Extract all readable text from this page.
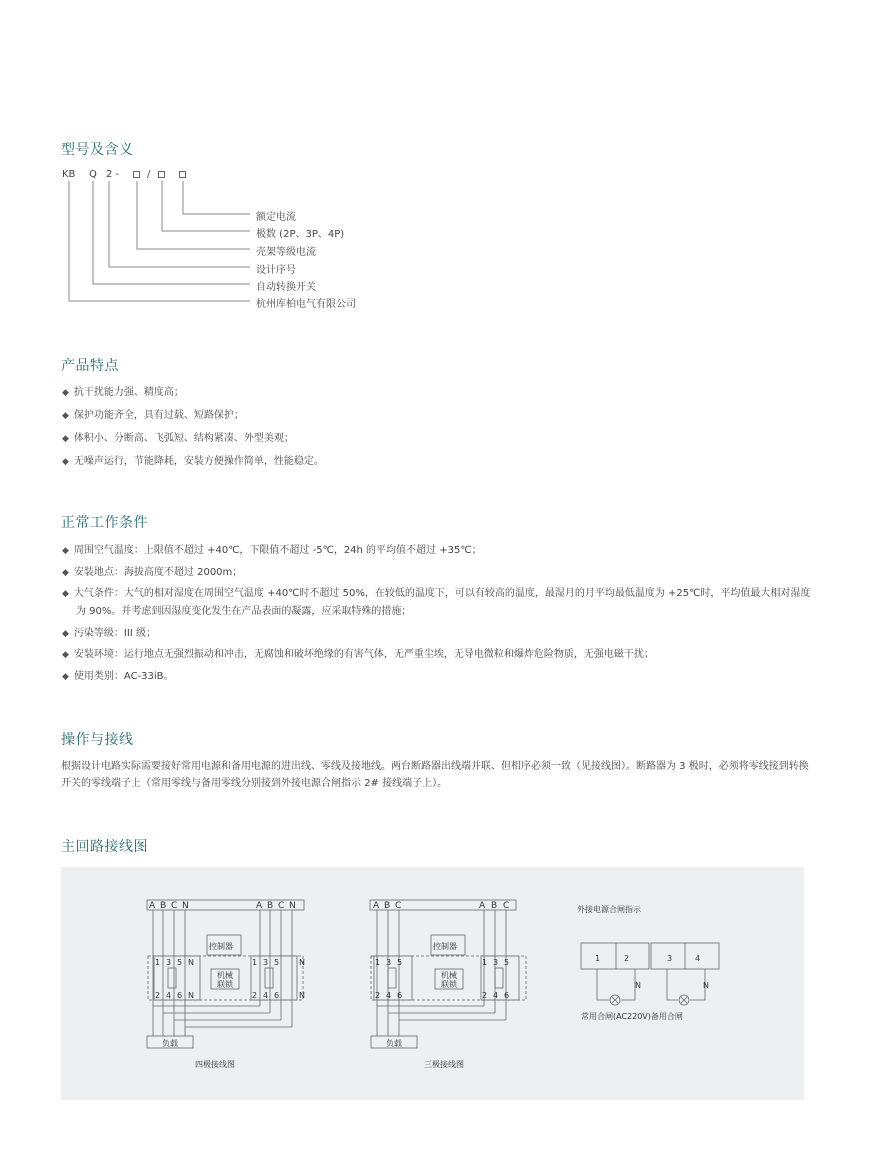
型号及含义
KB Q 2 -	/
额定电流
极数 (2P、3P、4P)
壳架等级电流
设计序号
自动转换开关
杭州库柏电气有限公司
产品特点
◆ 抗干扰能力强、精度高；
◆ 保护功能齐全，具有过载、短路保护；
◆ 体积小、分断高、飞弧短、结构紧凑、外型美观；
◆ 无噪声运行，节能降耗，安装方便操作简单，性能稳定。
正常工作条件
◆ 周围空气温度：上限值不超过 +40℃，下限值不超过 -5℃，24h 的平均值不超过 +35℃；
◆ 安装地点：海拔高度不超过 2000m；
◆ 大气条件：大气的相对湿度在周围空气温度 +40℃时不超过 50%，在较低的温度下，可以有较高的温度，最湿月的月平均最低温度为 +25℃时，平均值最大相对湿度为 90%。并考虑到因湿度变化发生在产品表面的凝露，应采取特殊的措施；
◆ 污染等级：III 级；
◆ 安装环境：运行地点无强烈振动和冲击，无腐蚀和破坏绝缘的有害气体，无严重尘埃，无导电微粒和爆炸危险物质，无强电磁干扰；
◆ 使用类别：AC-33iB。
操作与接线
根据设计电路实际需要接好常用电源和备用电源的进出线、零线及接地线。两台断路器出线端并联、但相序必须一致（见接线图）。断路器为 3 极时，必须将零线接到转换开关的零线端子上（常用零线与备用零线分别接到外接电源合闸指示 2# 接线端子上）。
主回路接线图
A B C N	A B C N
控制器
机械
联锁
1 3 5 N	1 3 5 N
2 4 6 N	2 4 6 N
负载
四极接线图
A B C	A B C
控制器
机械
联锁
1 3 5	1 3 5
2 4 6	2 4 6
负载
三极接线图
外接电源合闸指示
1	2	3	4
N	N
常用合闸(AC220V)备用合闸
